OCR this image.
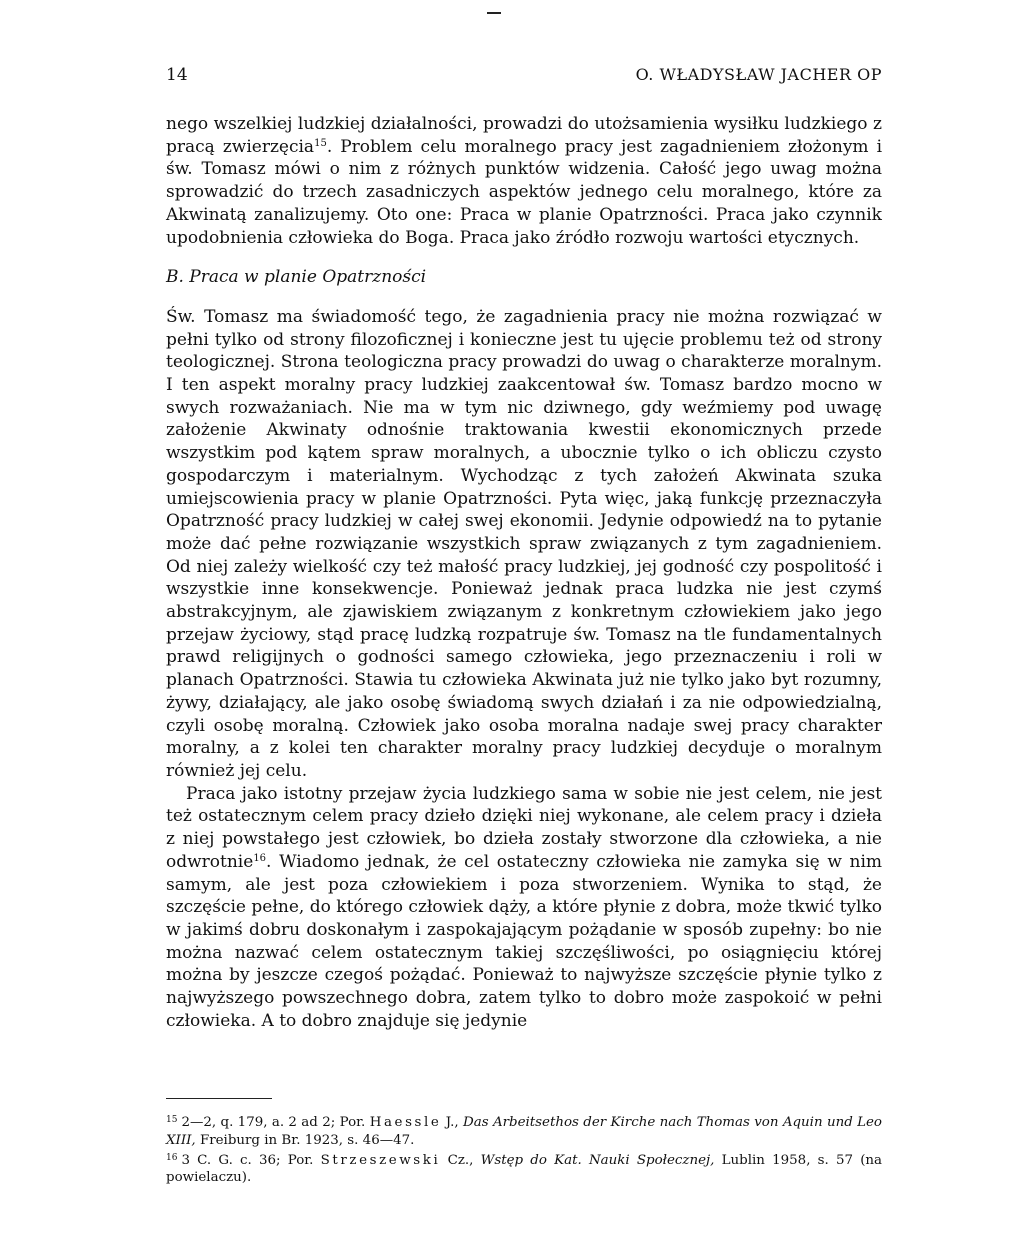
14	O. WŁADYSŁAW JACHER OP

nego wszelkiej ludzkiej działalności, prowadzi do utożsamienia wysiłku ludzkiego z pracą zwierzęcia$^{15}$. Problem celu moralnego pracy jest zagadnieniem złożonym i św. Tomasz mówi o nim z różnych punktów widzenia. Całość jego uwag można sprowadzić do trzech zasadniczych aspektów jednego celu moralnego, które za Akwinatą zanalizujemy. Oto one: Praca w planie Opatrzności. Praca jako czynnik upodobnienia człowieka do Boga. Praca jako źródło rozwoju wartości etycznych.

B. Praca w planie Opatrzności

Św. Tomasz ma świadomość tego, że zagadnienia pracy nie można rozwiązać w pełni tylko od strony filozoficznej i konieczne jest tu ujęcie problemu też od strony teologicznej. Strona teologiczna pracy prowadzi do uwag o charakterze moralnym. I ten aspekt moralny pracy ludzkiej zaakcentował św. Tomasz bardzo mocno w swych rozważaniach. Nie ma w tym nic dziwnego, gdy weźmiemy pod uwagę założenie Akwinaty odnośnie traktowania kwestii ekonomicznych przede wszystkim pod kątem spraw moralnych, a ubocznie tylko o ich obliczu czysto gospodarczym i materialnym. Wychodząc z tych założeń Akwinata szuka umiejscowienia pracy w planie Opatrzności. Pyta więc, jaką funkcję przeznaczyła Opatrzność pracy ludzkiej w całej swej ekonomii. Jedynie odpowiedź na to pytanie może dać pełne rozwiązanie wszystkich spraw związanych z tym zagadnieniem. Od niej zależy wielkość czy też małość pracy ludzkiej, jej godność czy pospolitość i wszystkie inne konsekwencje. Ponieważ jednak praca ludzka nie jest czymś abstrakcyjnym, ale zjawiskiem związanym z konkretnym człowiekiem jako jego przejaw życiowy, stąd pracę ludzką rozpatruje św. Tomasz na tle fundamentalnych prawd religijnych o godności samego człowieka, jego przeznaczeniu i roli w planach Opatrzności. Stawia tu człowieka Akwinata już nie tylko jako byt rozumny, żywy, działający, ale jako osobę świadomą swych działań i za nie odpowiedzialną, czyli osobę moralną. Człowiek jako osoba moralna nadaje swej pracy charakter moralny, a z kolei ten charakter moralny pracy ludzkiej decyduje o moralnym również jej celu.

Praca jako istotny przejaw życia ludzkiego sama w sobie nie jest celem, nie jest też ostatecznym celem pracy dzieło dzięki niej wykonane, ale celem pracy i dzieła z niej powstałego jest człowiek, bo dzieła zostały stworzone dla człowieka, a nie odwrotnie$^{16}$. Wiadomo jednak, że cel ostateczny człowieka nie zamyka się w nim samym, ale jest poza człowiekiem i poza stworzeniem. Wynika to stąd, że szczęście pełne, do którego człowiek dąży, a które płynie z dobra, może tkwić tylko w jakimś dobru doskonałym i zaspokajającym pożądanie w sposób zupełny: bo nie można nazwać celem ostatecznym takiej szczęśliwości, po osiągnięciu której można by jeszcze czegoś pożądać. Ponieważ to najwyższe szczęście płynie tylko z najwyższego powszechnego dobra, zatem tylko to dobro może zaspokoić w pełni człowieka. A to dobro znajduje się jedynie

$^{15}$ 2—2, q. 179, a. 2 ad 2; Por. Haessle J., Das Arbeitsethos der Kirche nach Thomas von Aquin und Leo XIII, Freiburg in Br. 1923, s. 46—47.

$^{16}$ 3 C. G. c. 36; Por. Strzeszewski Cz., Wstęp do Kat. Nauki Społecznej, Lublin 1958, s. 57 (na powielaczu).
